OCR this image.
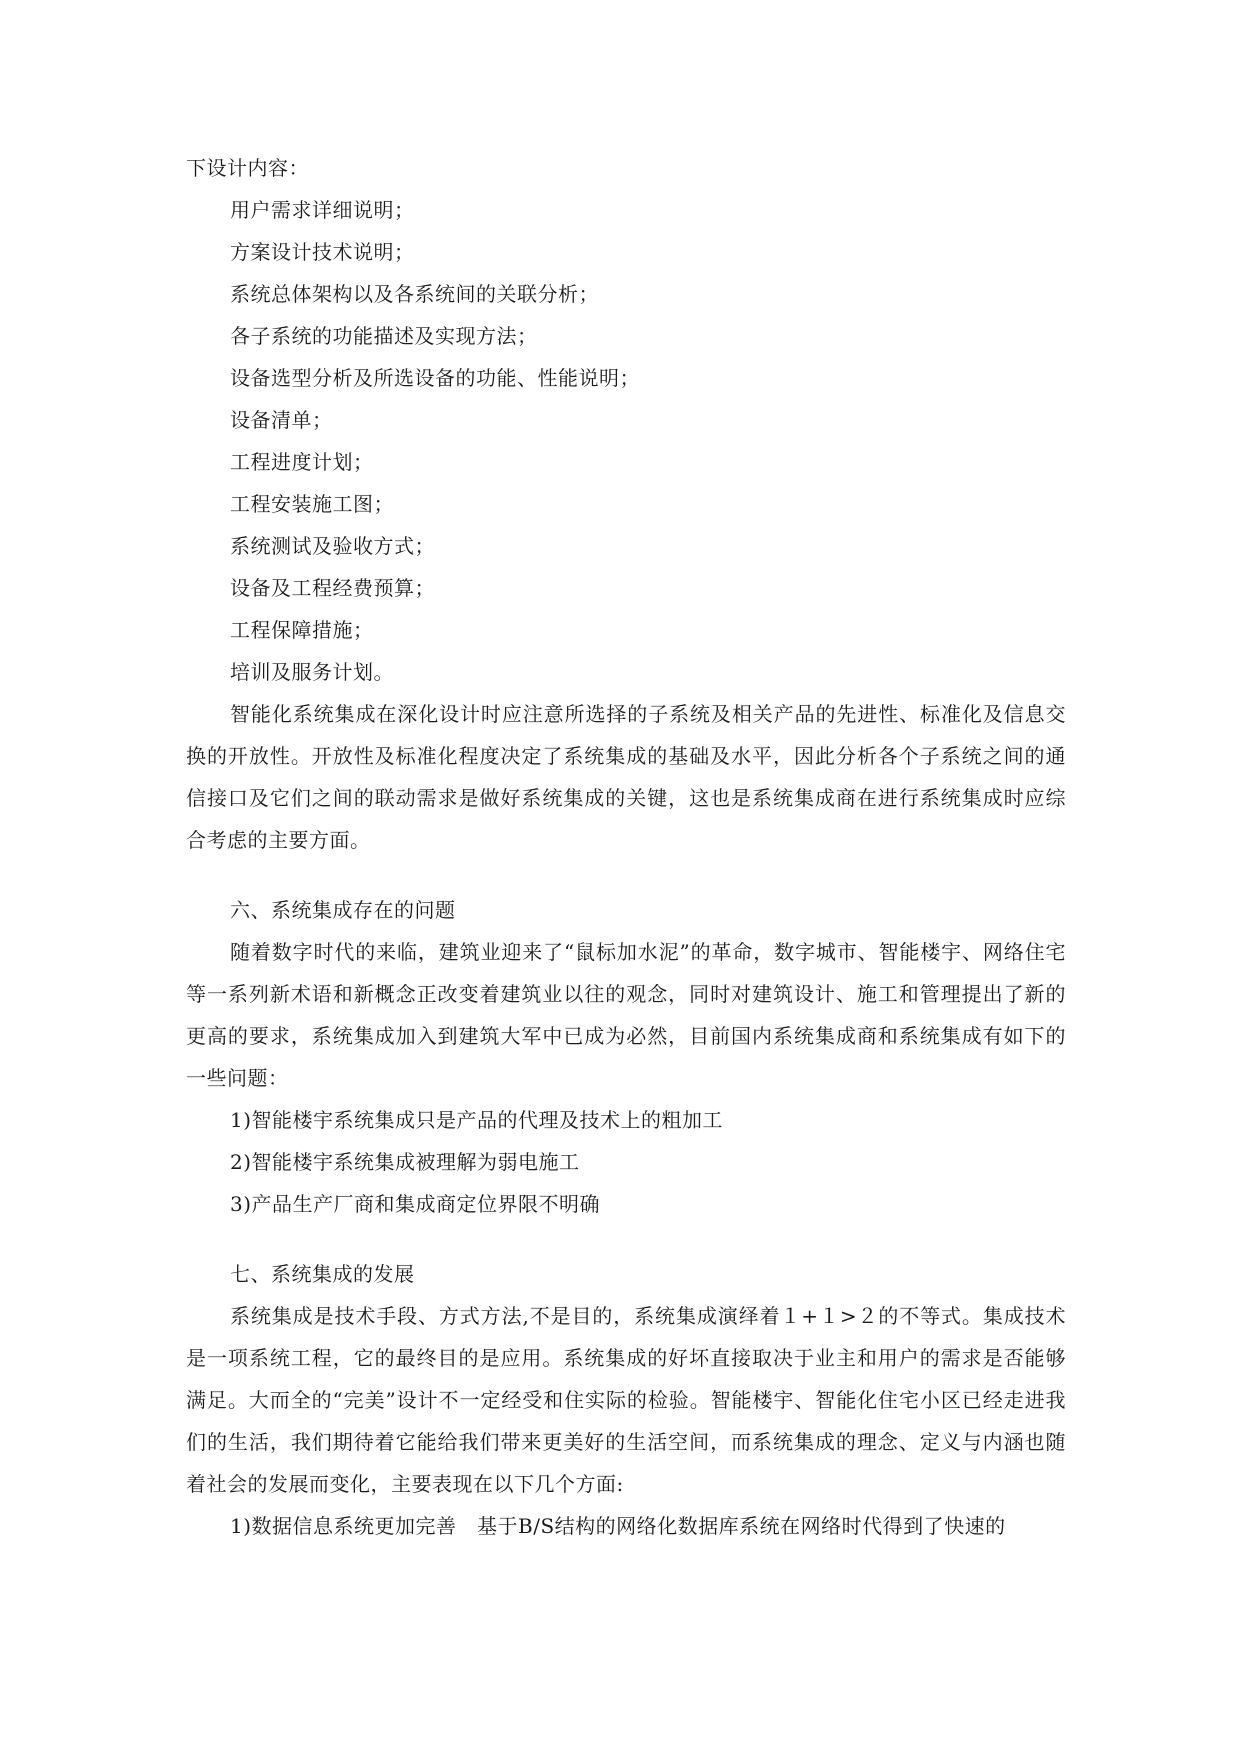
下设计内容：
用户需求详细说明；
方案设计技术说明；
系统总体架构以及各系统间的关联分析；
各子系统的功能描述及实现方法；
设备选型分析及所选设备的功能、性能说明；
设备清单；
工程进度计划；
工程安装施工图；
系统测试及验收方式；
设备及工程经费预算；
工程保障措施；
培训及服务计划。

智能化系统集成在深化设计时应注意所选择的子系统及相关产品的先进性、标准化及信息交换的开放性。开放性及标准化程度决定了系统集成的基础及水平，因此分析各个子系统之间的通信接口及它们之间的联动需求是做好系统集成的关键，这也是系统集成商在进行系统集成时应综合考虑的主要方面。

六、系统集成存在的问题

随着数字时代的来临，建筑业迎来了“鼠标加水泥”的革命，数字城市、智能楼宇、网络住宅等一系列新术语和新概念正改变着建筑业以往的观念，同时对建筑设计、施工和管理提出了新的更高的要求，系统集成加入到建筑大军中已成为必然，目前国内系统集成商和系统集成有如下的一些问题：

1)智能楼宇系统集成只是产品的代理及技术上的粗加工
2)智能楼宇系统集成被理解为弱电施工
3)产品生产厂商和集成商定位界限不明确
七、系统集成的发展

系统集成是技术手段、方式方法,不是目的，系统集成演绎着１+１>２的不等式。集成技术是一项系统工程，它的最终目的是应用。系统集成的好坏直接取决于业主和用户的需求是否能够满足。大而全的“完美”设计不一定经受和住实际的检验。智能楼宇、智能化住宅小区已经走进我们的生活，我们期待着它能给我们带来更美好的生活空间，而系统集成的理念、定义与内涵也随着社会的发展而变化，主要表现在以下几个方面:

1)数据信息系统更加完善　基于B/S结构的网络化数据库系统在网络时代得到了快速的
